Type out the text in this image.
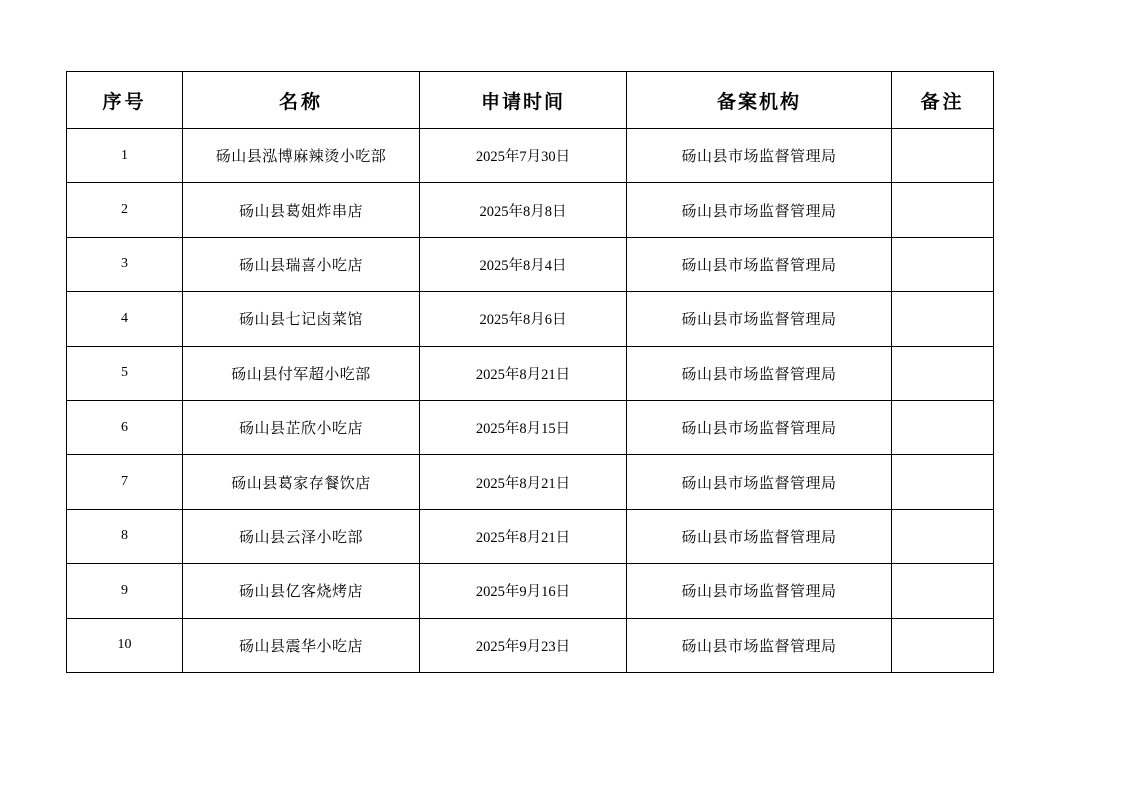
序号	名称	申请时间	备案机构	备注
1	砀山县泓博麻辣烫小吃部	2025年7月30日	砀山县市场监督管理局	
2	砀山县葛姐炸串店	2025年8月8日	砀山县市场监督管理局	
3	砀山县瑞喜小吃店	2025年8月4日	砀山县市场监督管理局	
4	砀山县七记卤菜馆	2025年8月6日	砀山县市场监督管理局	
5	砀山县付军超小吃部	2025年8月21日	砀山县市场监督管理局	
6	砀山县芷欣小吃店	2025年8月15日	砀山县市场监督管理局	
7	砀山县葛家存餐饮店	2025年8月21日	砀山县市场监督管理局	
8	砀山县云泽小吃部	2025年8月21日	砀山县市场监督管理局	
9	砀山县亿客烧烤店	2025年9月16日	砀山县市场监督管理局	
10	砀山县震华小吃店	2025年9月23日	砀山县市场监督管理局	
